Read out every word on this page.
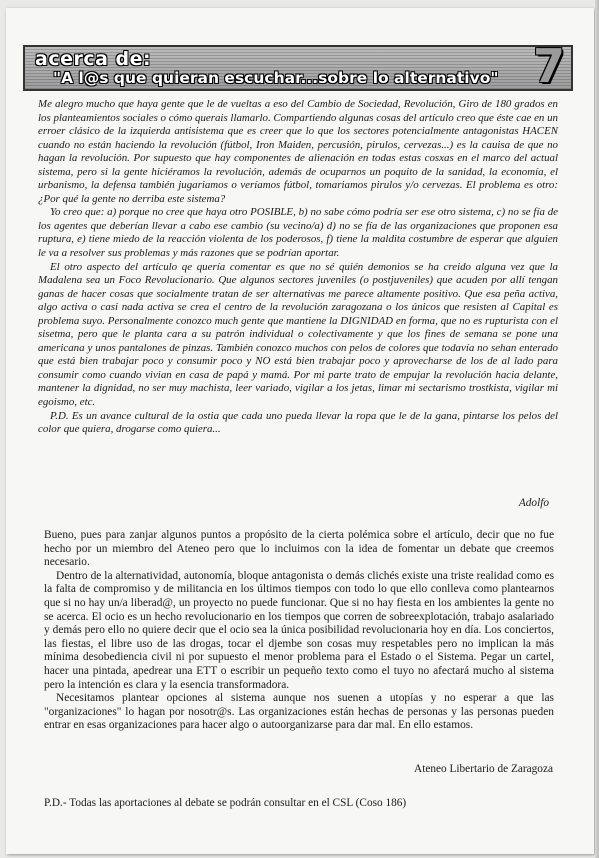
acerca de:
"A l@s que quieran escuchar...sobre lo alternativo" 7

Me alegro mucho que haya gente que le de vueltas a eso del Cambio de Sociedad, Revolución, Giro de 180 grados en los planteamientos sociales o cómo querais llamarlo. Compartiendo algunas cosas del artículo creo que éste cae en un erroer clásico de la izquierda antisistema que es creer que lo que los sectores potencialmente antagonistas HACEN cuando no están haciendo la revolución (fútbol, Iron Maiden, percusión, pirulos, cervezas...) es la cauisa de que no hagan la revolución. Por supuesto que hay componentes de alienación en todas estas cosxas en el marco del actual sistema, pero si la gente hiciéramos la revolución, además de ocuparnos un poquito de la sanidad, la economía, el urbanismo, la defensa también jugariamos o veríamos fútbol, tomariamos pirulos y/o cervezas. El problema es otro: ¿Por qué la gente no derriba este sistema?

Yo creo que: a) porque no cree que haya otro POSIBLE, b) no sabe cómo podría ser ese otro sistema, c) no se fía de los agentes que deberían llevar a cabo ese cambio (su vecino/a) d) no se fía de las organizaciones que proponen esa ruptura, e) tiene miedo de la reacción violenta de los poderosos, f) tiene la maldita costumbre de esperar que alguien le va a resolver sus problemas y más razones que se podrían aportar.

El otro aspecto del artículo qe quería comentar es que no sé quién demonios se ha creido alguna vez que la Madalena sea un Foco Revolucionario. Que algunos sectores juveniles (o postjuveniles) que acuden por allí tengan ganas de hacer cosas que socialmente tratan de ser alternativas me parece altamente positivo. Que esa peña activa, algo activa o casi nada activa se crea el centro de la revolución zaragozana o los únicos que resisten al Capital es problema suyo. Personalmente conozco much gente que mantiene la DIGNIDAD en forma, que no es rupturista con el sisetma, pero que le planta cara a su patrón individual o colectivamente y que los fines de semana se pone una americana y unos pantalones de pinzas. También conozco muchos con pelos de colores que todavía no sehan enterado que está bien trabajar poco y consumir poco y NO está bien trabajar poco y aprovecharse de los de al lado para consumir como cuando vivian en casa de papá y mamá. Por mi parte trato de empujar la revolución hacia delante, mantener la dignidad, no ser muy machista, leer variado, vigilar a los jetas, limar mi sectarismo trostkista, vigilar mi egoismo, etc.

P.D. Es un avance cultural de la ostia que cada uno pueda llevar la ropa que le de la gana, pintarse los pelos del color que quiera, drogarse como quiera...

Adolfo

Bueno, pues para zanjar algunos puntos a propósito de la cierta polémica sobre el artículo, decir que no fue hecho por un miembro del Ateneo pero que lo incluimos con la idea de fomentar un debate que creemos necesario.

Dentro de la alternatividad, autonomía, bloque antagonista o demás clichés existe una triste realidad como es la falta de compromiso y de militancia en los últimos tiempos con todo lo que ello conlleva como plantearnos que si no hay un/a liberad@, un proyecto no puede funcionar. Que si no hay fiesta en los ambientes la gente no se acerca. El ocio es un hecho revolucionario en los tiempos que corren de sobreexplotación, trabajo asalariado y demás pero ello no quiere decir que el ocio sea la única posibilidad revolucionaria hoy en día. Los conciertos, las fiestas, el libre uso de las drogas, tocar el djembe son cosas muy respetables pero no implican la más mínima desobediencia civil ni por supuesto el menor problema para el Estado o el Sistema. Pegar un cartel, hacer una pintada, apedrear una ETT o escribir un pequeño texto como el tuyo no afectará mucho al sistema pero la intención es clara y la esencia transformadora.

Necesitamos plantear opciones al sistema aunque nos suenen a utopías y no esperar a que las "organizaciones" lo hagan por nosotr@s. Las organizaciones están hechas de personas y las personas pueden entrar en esas organizaciones para hacer algo o autoorganizarse para dar mal. En ello estamos.

Ateneo Libertario de Zaragoza
P.D.- Todas las aportaciones al debate se podrán consultar en el CSL (Coso 186)
